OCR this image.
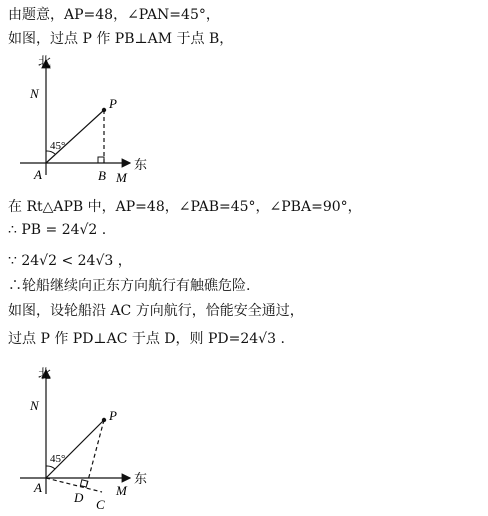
由题意，AP=48，∠PAN=45°，
如图，过点 P 作 PB⊥AM 于点 B，
北
N
P
45°
A	B M
东
在 Rt△APB 中，AP=48，∠PAB=45°，∠PBA=90°，
∴ PB = 24√2 .
∵ 24√2 < 24√3 ，
∴轮船继续向正东方向航行有触礁危险.
如图，设轮船沿 AC 方向航行，恰能安全通过，
过点 P 作 PD⊥AC 于点 D，则 PD=24√3 .
北
N
P
45°
A
D C
M
东
